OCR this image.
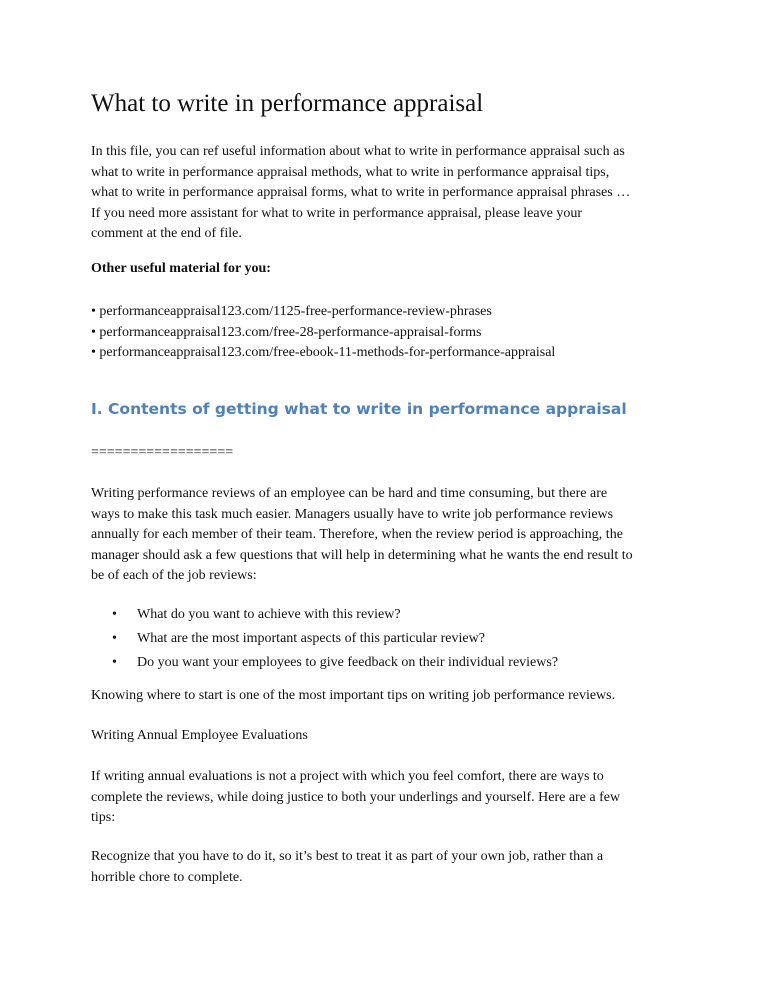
What to write in performance appraisal
In this file, you can ref useful information about what to write in performance appraisal such as
what to write in performance appraisal methods, what to write in performance appraisal tips,
what to write in performance appraisal forms, what to write in performance appraisal phrases …
If you need more assistant for what to write in performance appraisal, please leave your
comment at the end of file.
Other useful material for you:
• performanceappraisal123.com/1125-free-performance-review-phrases
• performanceappraisal123.com/free-28-performance-appraisal-forms
• performanceappraisal123.com/free-ebook-11-methods-for-performance-appraisal
I. Contents of getting what to write in performance appraisal
==================
Writing performance reviews of an employee can be hard and time consuming, but there are
ways to make this task much easier. Managers usually have to write job performance reviews
annually for each member of their team. Therefore, when the review period is approaching, the
manager should ask a few questions that will help in determining what he wants the end result to
be of each of the job reviews:
• What do you want to achieve with this review?
• What are the most important aspects of this particular review?
• Do you want your employees to give feedback on their individual reviews?
Knowing where to start is one of the most important tips on writing job performance reviews.
Writing Annual Employee Evaluations
If writing annual evaluations is not a project with which you feel comfort, there are ways to
complete the reviews, while doing justice to both your underlings and yourself. Here are a few
tips:
Recognize that you have to do it, so it’s best to treat it as part of your own job, rather than a
horrible chore to complete.
